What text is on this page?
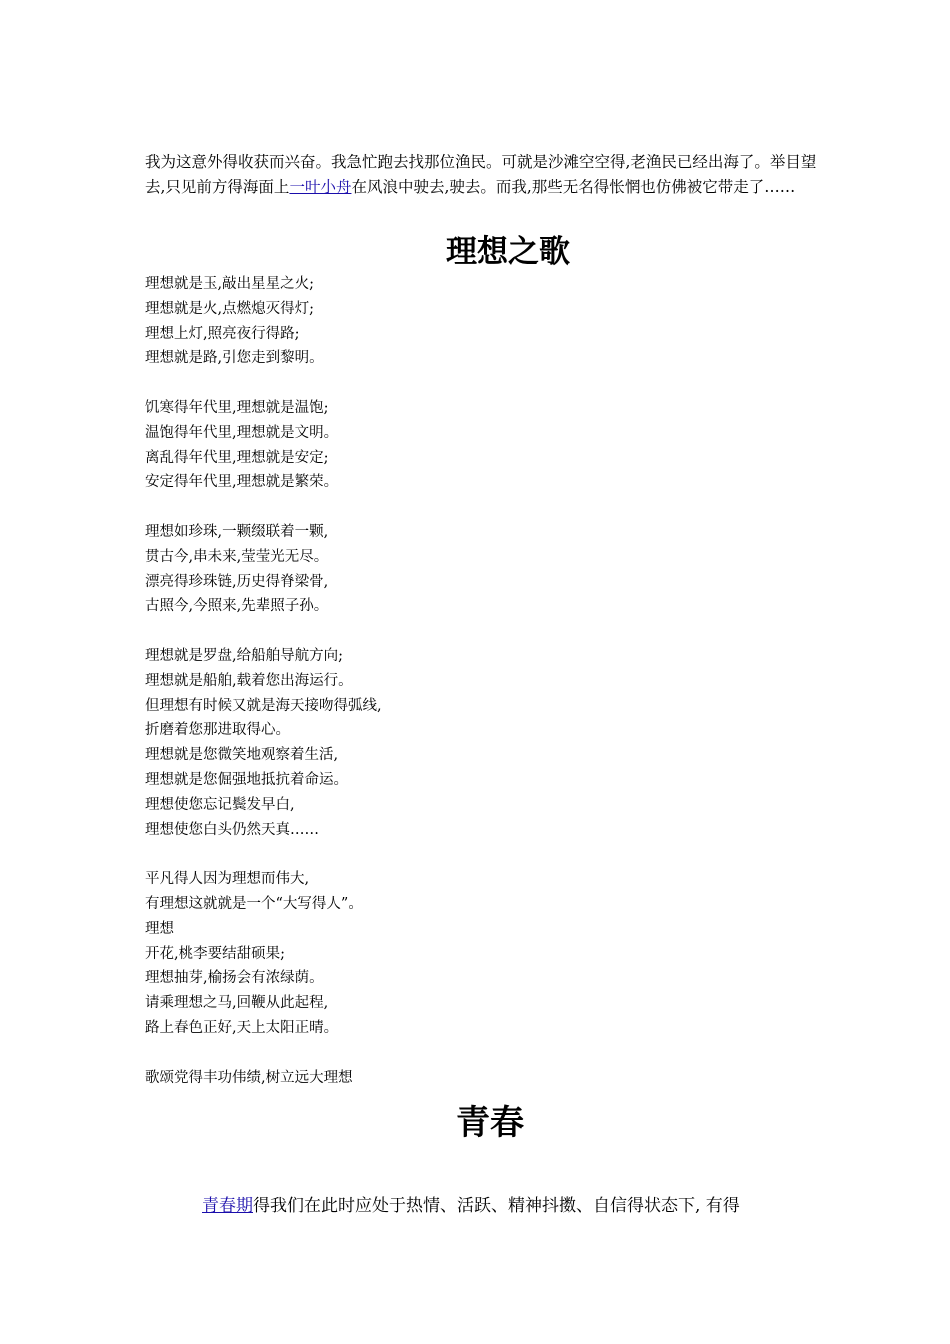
我为这意外得收获而兴奋。我急忙跑去找那位渔民。可就是沙滩空空得,老渔民已经出海了。举目望去,只见前方得海面上一叶小舟在风浪中驶去,驶去。而我,那些无名得怅惘也仿佛被它带走了……

理想之歌
理想就是玉,敲出星星之火;
理想就是火,点燃熄灭得灯;
理想上灯,照亮夜行得路;
理想就是路,引您走到黎明。
饥寒得年代里,理想就是温饱;
温饱得年代里,理想就是文明。
离乱得年代里,理想就是安定;
安定得年代里,理想就是繁荣。
理想如珍珠,一颗缀联着一颗,
贯古今,串未来,莹莹光无尽。
漂亮得珍珠链,历史得脊梁骨,
古照今,今照来,先辈照子孙。
理想就是罗盘,给船舶导航方向;
理想就是船舶,载着您出海运行。
但理想有时候又就是海天接吻得弧线,
折磨着您那进取得心。
理想就是您微笑地观察着生活,
理想就是您倔强地抵抗着命运。
理想使您忘记鬓发早白,
理想使您白头仍然天真……
平凡得人因为理想而伟大,
有理想这就就是一个“大写得人”。
理想
开花,桃李要结甜硕果;
理想抽芽,榆扬会有浓绿荫。
请乘理想之马,回鞭从此起程,
路上春色正好,天上太阳正晴。
歌颂党得丰功伟绩,树立远大理想
青春

青春期得我们在此时应处于热情、活跃、精神抖擞、自信得状态下, 有得
